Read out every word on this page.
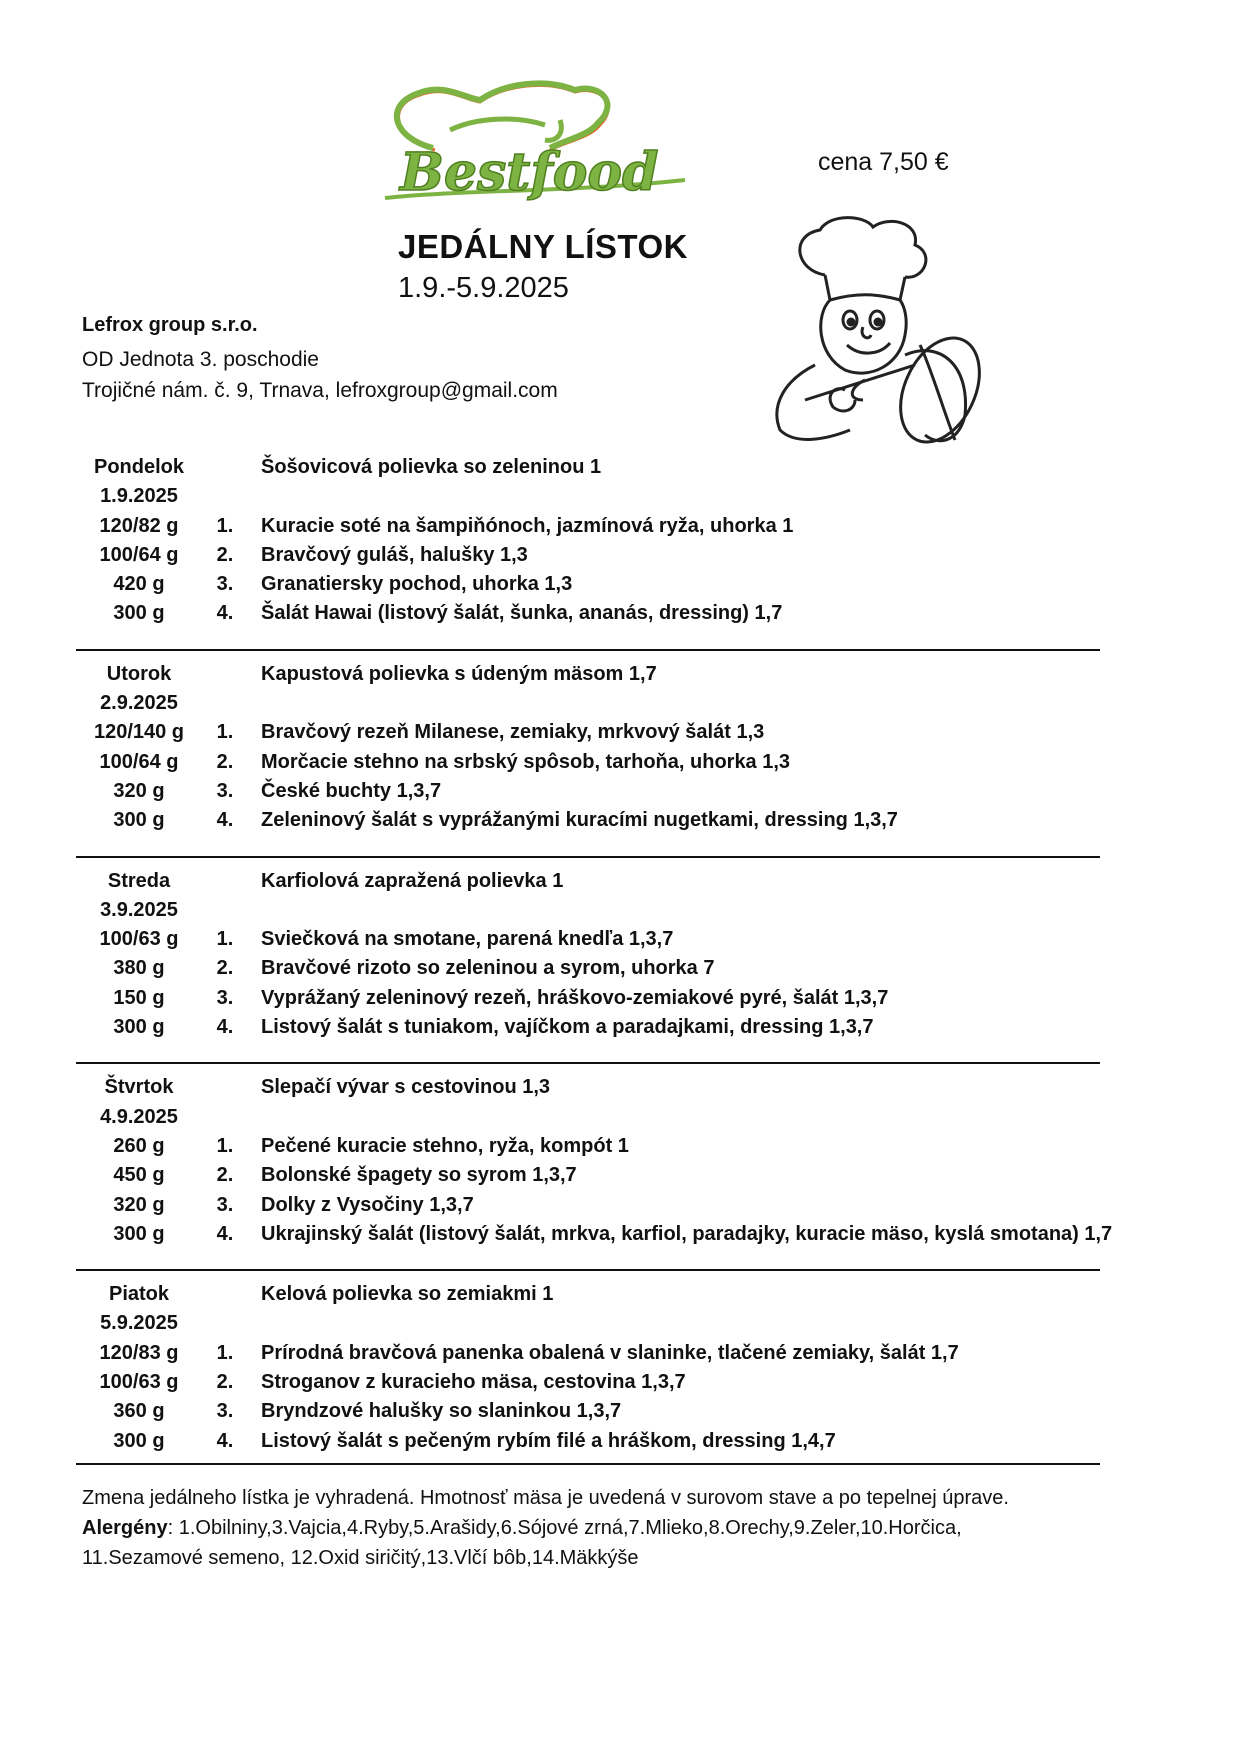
Bestfood	cena 7,50 €
JEDÁLNY LÍSTOK
1.9.-5.9.2025
Lefrox group s.r.o.
OD Jednota 3. poschodie
Trojičné nám. č. 9, Trnava, lefroxgroup@gmail.com
Pondelok	Šošovicová polievka so zeleninou 1
1.9.2025
120/82 g	1.	Kuracie soté na šampiňónoch, jazmínová ryža, uhorka 1
100/64 g	2.	Bravčový guláš, halušky 1,3
420 g	3.	Granatiersky pochod, uhorka 1,3
300 g	4.	Šalát Hawai (listový šalát, šunka, ananás, dressing) 1,7
Utorok	Kapustová polievka s údeným mäsom 1,7
2.9.2025
120/140 g	1.	Bravčový rezeň Milanese, zemiaky, mrkvový šalát 1,3
100/64 g	2.	Morčacie stehno na srbský spôsob, tarhoňa, uhorka 1,3
320 g	3.	České buchty 1,3,7
300 g	4.	Zeleninový šalát s vyprážanými kuracími nugetkami, dressing 1,3,7
Streda	Karfiolová zapražená polievka 1
3.9.2025
100/63 g	1.	Sviečková na smotane, parená knedľa 1,3,7
380 g	2.	Bravčové rizoto so zeleninou a syrom, uhorka 7
150 g	3.	Vyprážaný zeleninový rezeň, hráškovo-zemiakové pyré, šalát 1,3,7
300 g	4.	Listový šalát s tuniakom, vajíčkom a paradajkami, dressing 1,3,7
Štvrtok	Slepačí vývar s cestovinou 1,3
4.9.2025
260 g	1.	Pečené kuracie stehno, ryža, kompót 1
450 g	2.	Bolonské špagety so syrom 1,3,7
320 g	3.	Dolky z Vysočiny 1,3,7
300 g	4.	Ukrajinský šalát (listový šalát, mrkva, karfiol, paradajky, kuracie mäso, kyslá smotana) 1,7
Piatok	Kelová polievka so zemiakmi 1
5.9.2025
120/83 g	1.	Prírodná bravčová panenka obalená v slaninke, tlačené zemiaky, šalát 1,7
100/63 g	2.	Stroganov z kuracieho mäsa, cestovina 1,3,7
360 g	3.	Bryndzové halušky so slaninkou 1,3,7
300 g	4.	Listový šalát s pečeným rybím filé a hráškom, dressing 1,4,7
Zmena jedálneho lístka je vyhradená. Hmotnosť mäsa je uvedená v surovom stave a po tepelnej úprave.
Alergény: 1.Obilniny,3.Vajcia,4.Ryby,5.Arašidy,6.Sójové zrná,7.Mlieko,8.Orechy,9.Zeler,10.Horčica,
11.Sezamové semeno, 12.Oxid siričitý,13.Vlčí bôb,14.Mäkkýše
